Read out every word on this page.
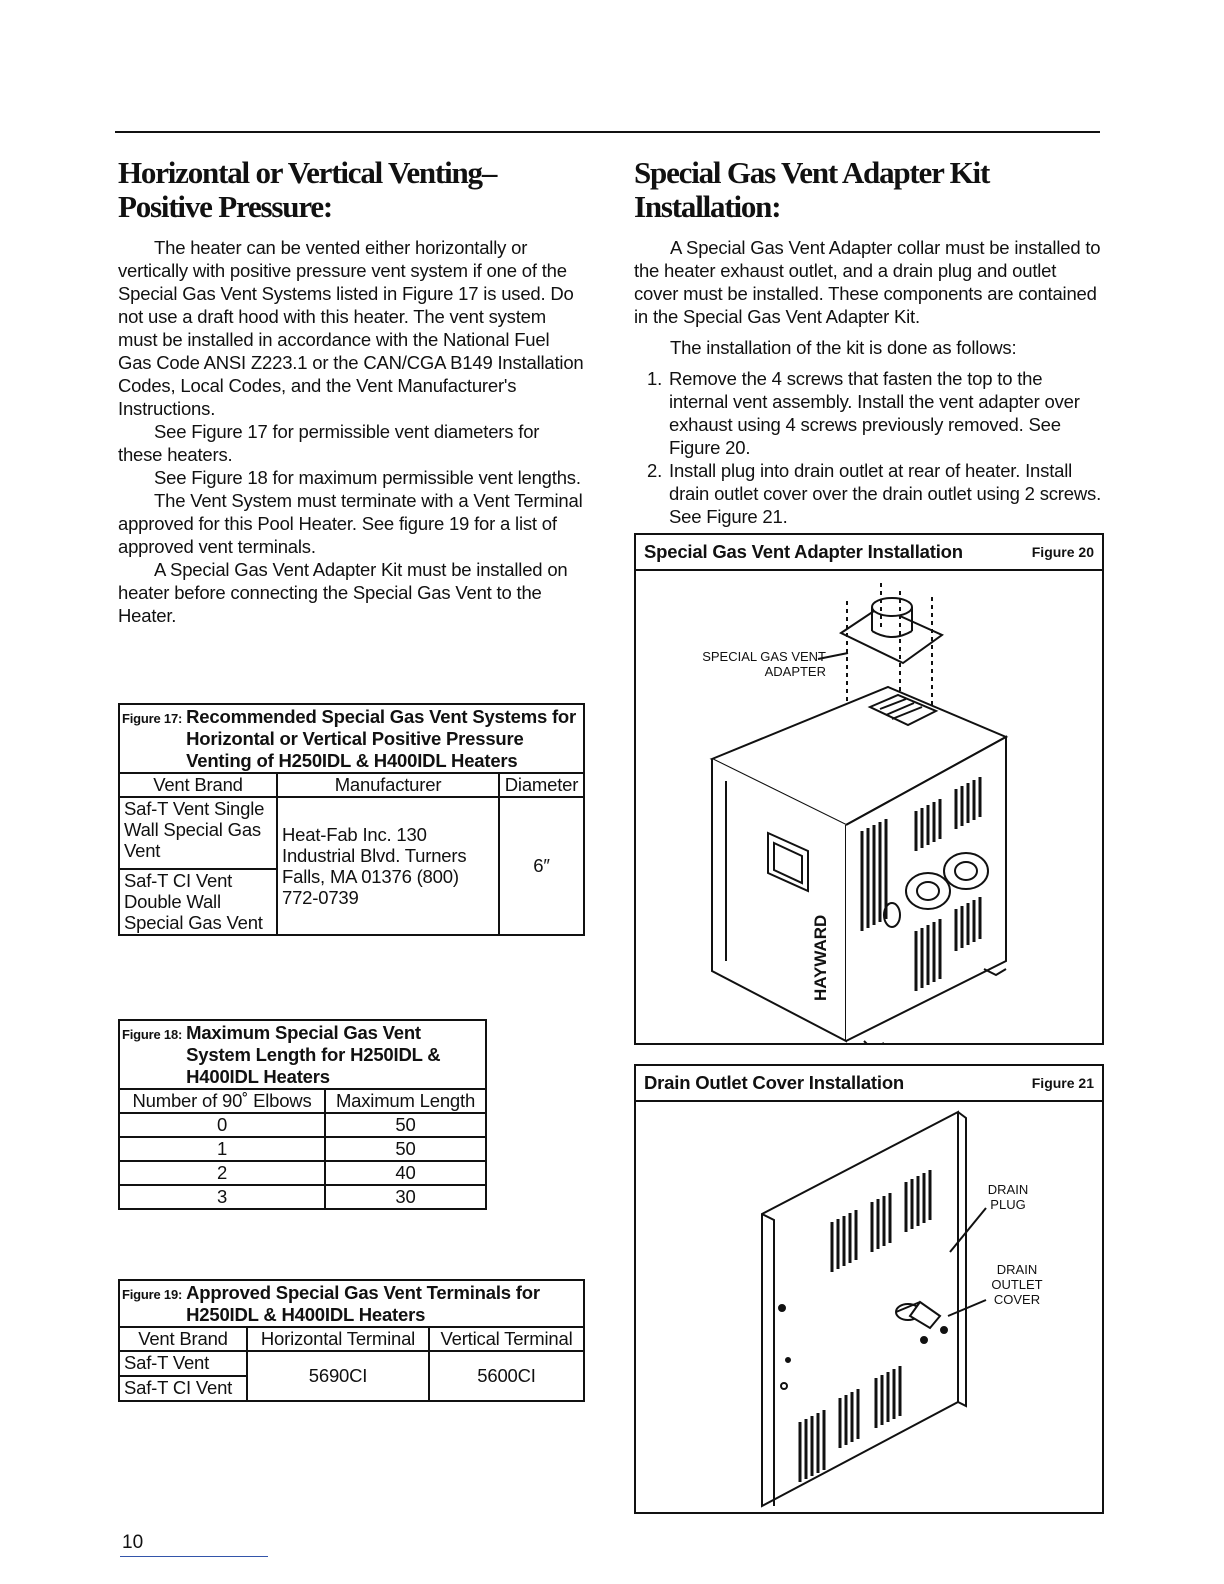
Horizontal or Vertical Venting–Positive Pressure:

The heater can be vented either horizontally or vertically with positive pressure vent system if one of the Special Gas Vent Systems listed in Figure 17 is used. Do not use a draft hood with this heater. The vent system must be installed in accordance with the National Fuel Gas Code ANSI Z223.1 or the CAN/CGA B149 Installation Codes, Local Codes, and the Vent Manufacturer's Instructions.

See Figure 17 for permissible vent diameters for these heaters.

See Figure 18 for maximum permissible vent lengths.

The Vent System must terminate with a Vent Terminal approved for this Pool Heater. See figure 19 for a list of approved vent terminals.

A Special Gas Vent Adapter Kit must be installed on heater before connecting the Special Gas Vent to the Heater.

Figure 17: Recommended Special Gas Vent Systems for Horizontal or Vertical Positive Pressure Venting of H250IDL & H400IDL Heaters		

Vent Brand	Manufacturer	Diameter
Saf-T Vent Single Wall Special Gas Vent	Heat-Fab Inc. 130 Industrial Blvd. Turners Falls, MA 01376 (800) 772-0739	6″
Saf-T CI Vent Double Wall Special Gas Vent		
Figure 18: Maximum Special Gas Vent System Length for H250IDL & H400IDL Heaters	

Number of 90˚ Elbows	Maximum Length
0	50
1	50
2	40
3	30
Figure 19: Approved Special Gas Vent Terminals for H250IDL & H400IDL Heaters		

Vent Brand	Horizontal Terminal	Vertical Terminal
Saf-T Vent	5690CI	5600CI
Saf-T CI Vent		
Special Gas Vent Adapter Kit Installation:

A Special Gas Vent Adapter collar must be installed to the heater exhaust outlet, and a drain plug and outlet cover must be installed. These components are contained in the Special Gas Vent Adapter Kit.

The installation of the kit is done as follows:

1. Remove the 4 screws that fasten the top to the internal vent assembly. Install the vent adapter over exhaust using 4 screws previously removed. See Figure 20.
2. Install plug into drain outlet at rear of heater. Install drain outlet cover over the drain outlet using 2 screws. See Figure 21.
Special Gas Vent Adapter Installation	Figure 20
SPECIAL GAS VENT ADAPTER
HAYWARD
Drain Outlet Cover Installation	Figure 21
DRAIN PLUG
DRAIN OUTLET COVER
10
